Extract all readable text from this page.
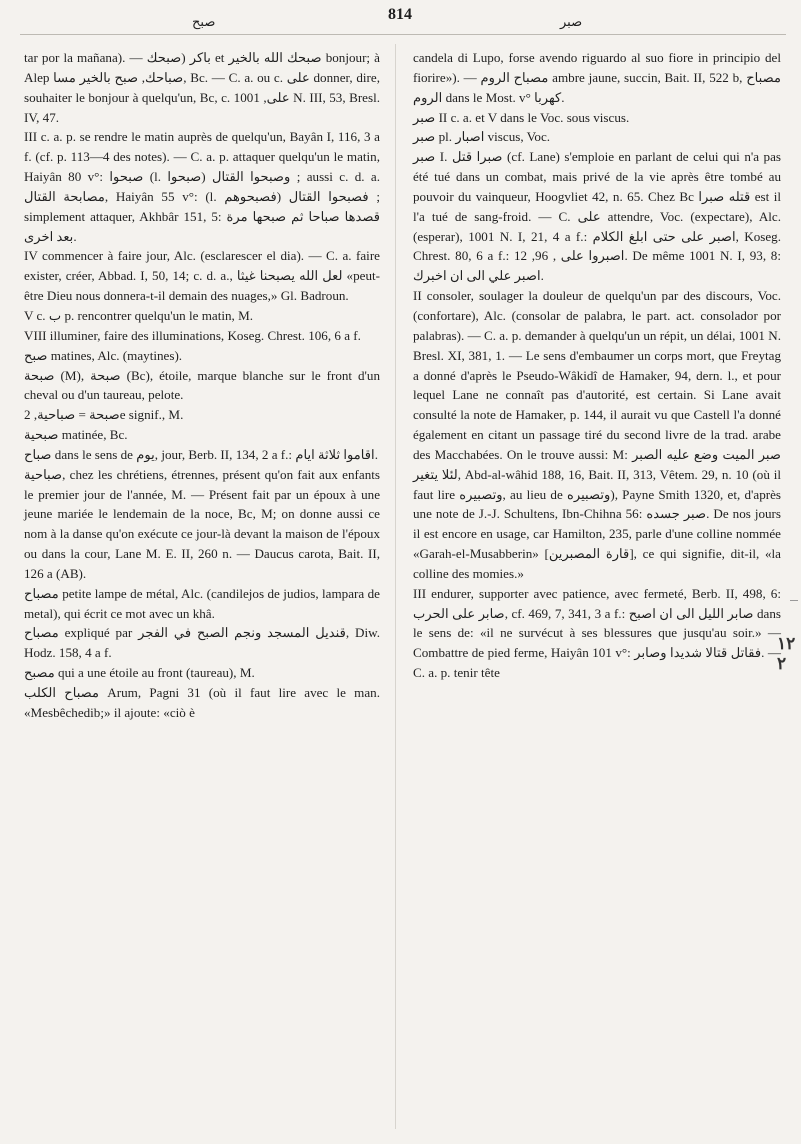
صبح	814	صبر

tar por la mañana). — باكر (صبحك et صبحك الله بالخير bonjour; à Alep صباحك, صبح بالخير مسا, Bc. — C. a. ou c. على donner, dire, souhaiter le bonjour à quelqu'un, Bc, c. على, 1001 N. III, 53, Bresl. IV, 47.

III c. a. p. se rendre le matin auprès de quelqu'un, Bayân I, 116, 3 a f. (cf. p. 113—4 des notes). — C. a. p. attaquer quelqu'un le matin, Haiyân 80 v°: صبحوا (l. صبحوا) وصبحوا القتال ; aussi c. d. a. مصابحة القتال, Haiyân 55 v°: (l. فصبحوهم) فصبحوا القتال ; simplement attaquer, Akhbâr 151, 5: قصدها صباحا ثم صبحها مرة بعد اخرى.

IV commencer à faire jour, Alc. (esclarescer el dia). — C. a. faire exister, créer, Abbad. I, 50, 14; c. d. a., لعل الله يصبحنا غيثا «peut-être Dieu nous donnera-t-il demain des nuages,» Gl. Badroun.

V c. ب p. rencontrer quelqu'un le matin, M.

VIII illuminer, faire des illuminations, Koseg. Chrest. 106, 6 a f.

صبح matines, Alc. (maytines).

صبحة (M), صبحة (Bc), étoile, marque blanche sur le front d'un cheval ou d'un taureau, pelote.

صبحة = صباحية, 2e signif., M.

صبحية matinée, Bc.

صباح dans le sens de يوم, jour, Berb. II, 134, 2 a f.: اقاموا ثلاثة ايام.

صباحية, chez les chrétiens, étrennes, présent qu'on fait aux enfants le premier jour de l'année, M. — Présent fait par un époux à une jeune mariée le lendemain de la noce, Bc, M; on donne aussi ce nom à la danse qu'on exécute ce jour-là devant la maison de l'époux ou dans la cour, Lane M. E. II, 260 n. — Daucus carota, Bait. II, 126 a (AB).

مصباح petite lampe de métal, Alc. (candilejos de judios, lampara de metal), qui écrit ce mot avec un khâ.

مصباح expliqué par قنديل المسجد ونجم الصبح في الفجر, Diw. Hodz. 158, 4 a f.

مصبح qui a une étoile au front (taureau), M.

مصباح الكلب Arum, Pagni 31 (où il faut lire avec le man. «Mesbêchedib;» il ajoute: «ciò è

candela di Lupo, forse avendo riguardo al suo fiore in principio del fiorire»). — مصباح الروم ambre jaune, succin, Bait. II, 522 b, مصباح الروم dans le Most. v° كهربا.

صبر II c. a. et V dans le Voc. sous viscus.

صبر pl. اصبار viscus, Voc.

صبر I. صبرا قتل (cf. Lane) s'emploie en parlant de celui qui n'a pas été tué dans un combat, mais privé de la vie après être tombé au pouvoir du vainqueur, Hoogvliet 42, n. 65. Chez Bc قتله صبرا est il l'a tué de sang-froid. — C. على attendre, Voc. (expectare), Alc. (esperar), 1001 N. I, 21, 4 a f.: اصبر على حتى ابلغ الكلام, Koseg. Chrest. 80, 6 a f.: اصبروا على , 96, 12. De même 1001 N. I, 93, 8: اصبر علي الى ان اخبرك.

II consoler, soulager la douleur de quelqu'un par des discours, Voc. (confortare), Alc. (consolar de palabra, le part. act. consolador por palabras). — C. a. p. demander à quelqu'un un répit, un délai, 1001 N. Bresl. XI, 381, 1. — Le sens d'embaumer un corps mort, que Freytag a donné d'après le Pseudo-Wâkidî de Hamaker, 94, dern. l., et pour lequel Lane ne connaît pas d'autorité, est certain. Si Lane avait consulté la note de Hamaker, p. 144, il aurait vu que Castell l'a donné également en citant un passage tiré du second livre de la trad. arabe des Macchabées. On le trouve aussi: M: صبر الميت وضع عليه الصبر لئلا يتغير, Abd-al-wâhid 188, 16, Bait. II, 313, Vêtem. 29, n. 10 (où il faut lire وتصبيره, au lieu de وتصبيره), Payne Smith 1320, et, d'après une note de J.-J. Schultens, Ibn-Chihna 56: صبر جسده. De nos jours il est encore en usage, car Hamilton, 235, parle d'une colline nommée «Garah-el-Musabberin» [قارة المصبرين], ce qui signifie, dit-il, «la colline des momies.»

III endurer, supporter avec patience, avec fermeté, Berb. II, 498, 6: صابر على الحرب, cf. 469, 7, 341, 3 a f.: صابر الليل الى ان اصبح dans le sens de: «il ne survécut à ses blessures que jusqu'au soir.» — Combattre de pied ferme, Haiyân 101 v°: فقاتل قتالا شديدا وصابر. — C. a. p. tenir tête

۱۲ ۲
